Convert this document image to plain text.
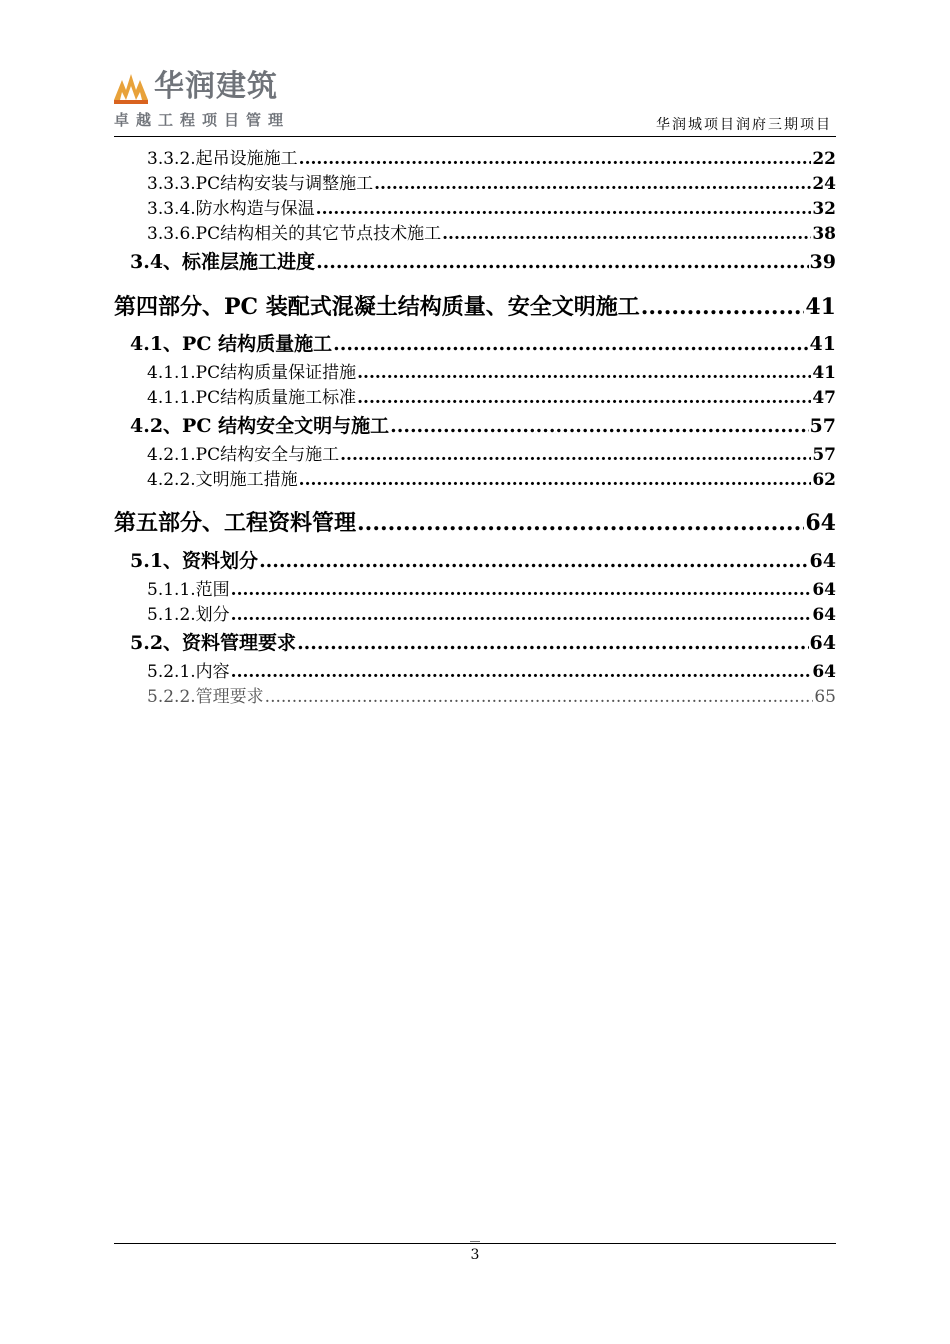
华润建筑
卓越工程项目管理	华润城项目润府三期项目
3.3.2.起吊设施施工 .....	22
3.3.3.PC结构安装与调整施工 .....	24
3.3.4.防水构造与保温 .....	32
3.3.6.PC结构相关的其它节点技术施工 .....	38
3.4、标准层施工进度 .....	39
第四部分、PC 装配式混凝土结构质量、安全文明施工 .....	41
4.1、PC 结构质量施工 .....	41
4.1.1.PC结构质量保证措施 .....	41
4.1.1.PC结构质量施工标准 .....	47
4.2、PC 结构安全文明与施工 .....	57
4.2.1.PC结构安全与施工 .....	57
4.2.2.文明施工措施 .....	62
第五部分、工程资料管理 .....	64
5.1、资料划分 .....	64
5.1.1.范围 .....	64
5.1.2.划分 .....	64
5.2、资料管理要求 .....	64
5.2.1.内容 .....	64
5.2.2.管理要求 .....	65
3
